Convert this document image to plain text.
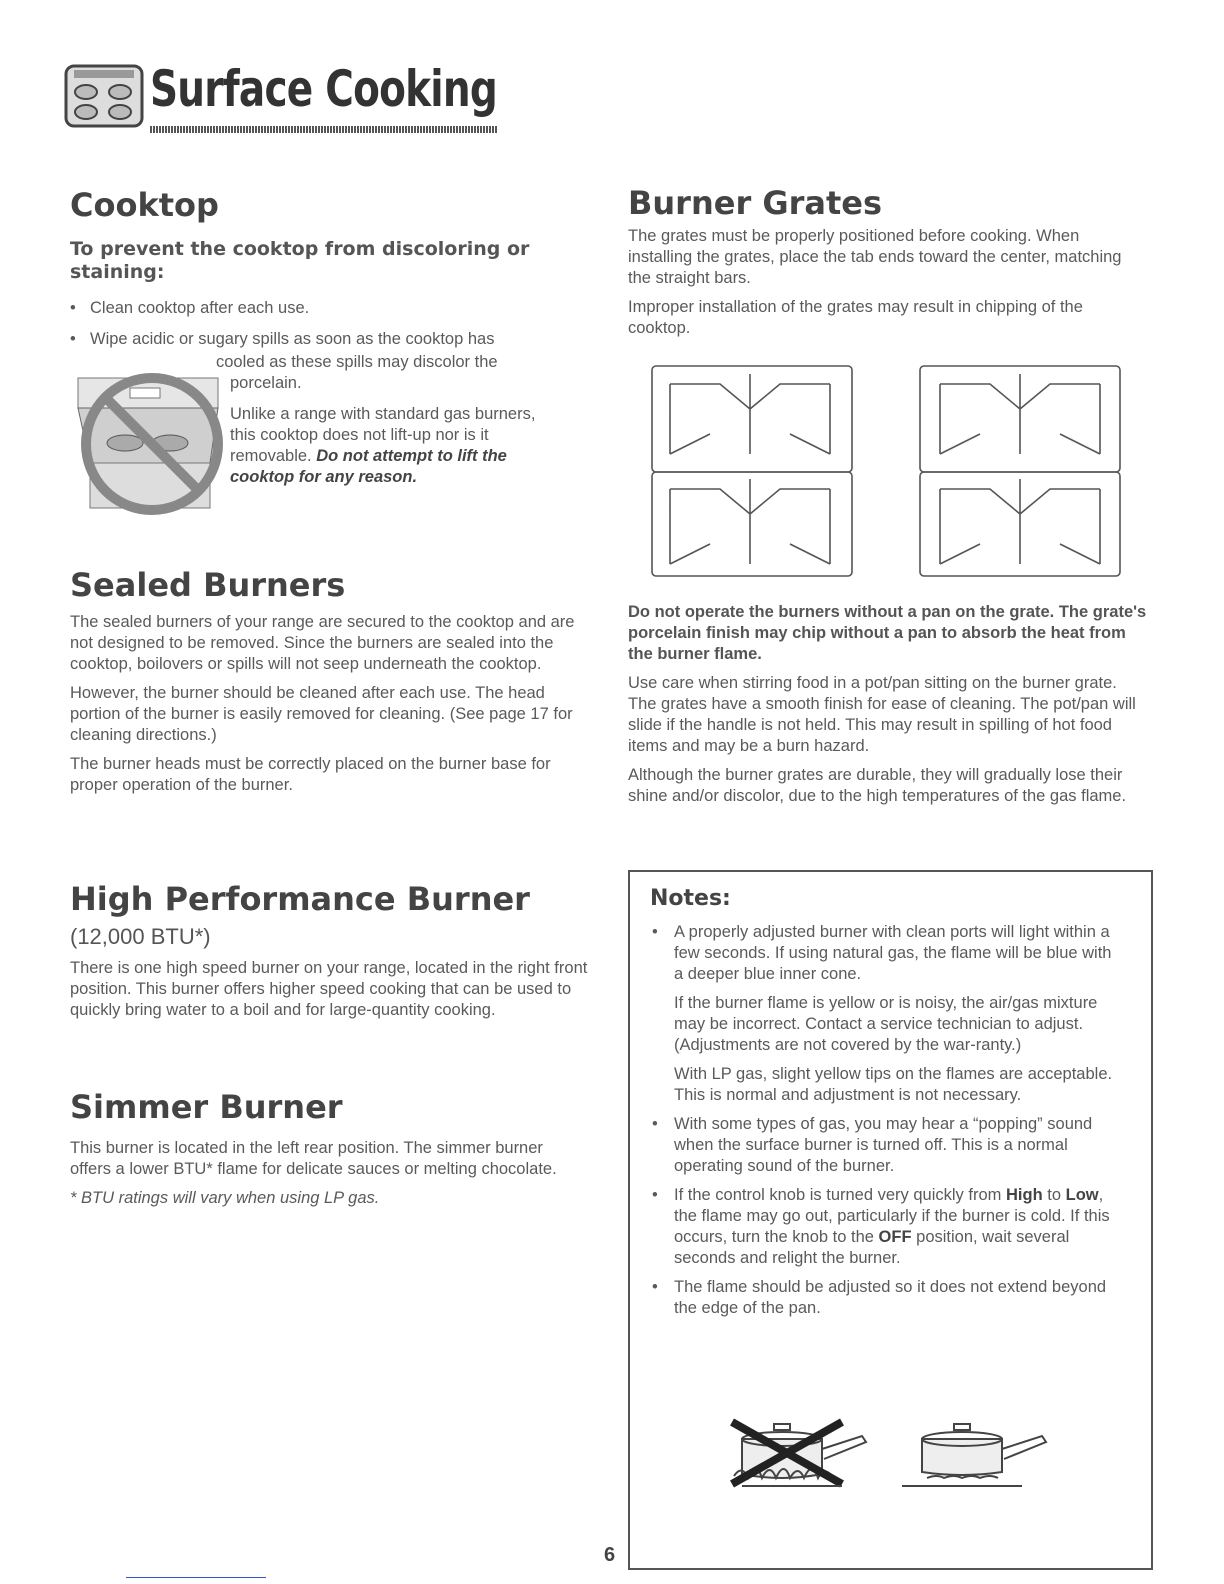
Surface Cooking
Cooktop
To prevent the cooktop from discoloring or staining:

• Clean cooktop after each use.

• Wipe acidic or sugary spills as soon as the cooktop has

cooled as these spills may discolor the

porcelain.

Unlike a range with standard gas burners,

this cooktop does not lift-up nor is it

removable. Do not attempt to lift the

cooktop for any reason.

Sealed Burners

The sealed burners of your range are secured to the cooktop and are not designed to be removed. Since the burners are sealed into the cooktop, boilovers or spills will not seep underneath the cooktop.

However, the burner should be cleaned after each use. The head portion of the burner is easily removed for cleaning. (See page 17 for cleaning directions.)

The burner heads must be correctly placed on the burner base for proper operation of the burner.

High Performance Burner
(12,000 BTU*)

There is one high speed burner on your range, located in the right front position. This burner offers higher speed cooking that can be used to quickly bring water to a boil and for large-quantity cooking.

Simmer Burner

This burner is located in the left rear position. The simmer burner offers a lower BTU* flame for delicate sauces or melting chocolate.

* BTU ratings will vary when using LP gas.

Burner Grates

The grates must be properly positioned before cooking. When installing the grates, place the tab ends toward the center, matching the straight bars.

Improper installation of the grates may result in chipping of the cooktop.

Do not operate the burners without a pan on the grate. The grate's porcelain finish may chip without a pan to absorb the heat from the burner flame.

Use care when stirring food in a pot/pan sitting on the burner grate. The grates have a smooth finish for ease of cleaning. The pot/pan will slide if the handle is not held. This may result in spilling of hot food items and may be a burn hazard.

Although the burner grates are durable, they will gradually lose their shine and/or discolor, due to the high temperatures of the gas flame.

Notes:
• A properly adjusted burner with clean ports will light within a few seconds. If using natural gas, the flame will be blue with a deeper blue inner cone.

If the burner flame is yellow or is noisy, the air/gas mixture may be incorrect. Contact a service technician to adjust. (Adjustments are not covered by the war-ranty.)

With LP gas, slight yellow tips on the flames are acceptable. This is normal and adjustment is not necessary.

• With some types of gas, you may hear a “popping” sound when the surface burner is turned off. This is a normal operating sound of the burner.
• If the control knob is turned very quickly from High to Low, the flame may go out, particularly if the burner is cold. If this occurs, turn the knob to the OFF position, wait several seconds and relight the burner.
• The flame should be adjusted so it does not extend beyond the edge of the pan.
6
